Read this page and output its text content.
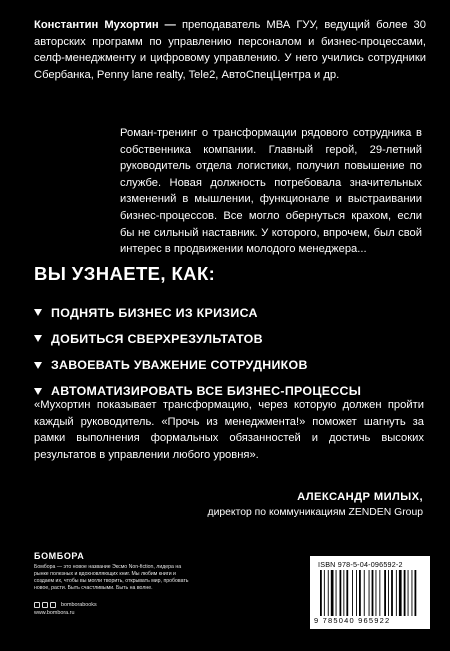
Константин Мухортин — преподаватель МВА ГУУ, ведущий более 30 авторских программ по управлению персоналом и бизнес-процессами, селф-менеджменту и цифровому управлению. У него учились сотрудники Сбербанка, Penny lane realty, Tele2, АвтоСпецЦентра и др.
Роман-тренинг о трансформации рядового сотрудника в собственника компании. Главный герой, 29-летний руководитель отдела логистики, получил повышение по службе. Новая должность потребовала значительных изменений в мышлении, функционале и выстраивании бизнес-процессов. Все могло обернуться крахом, если бы не сильный наставник. У которого, впрочем, был свой интерес в продвижении молодого менеджера...
ВЫ УЗНАЕТЕ, КАК:
ПОДНЯТЬ БИЗНЕС ИЗ КРИЗИСА
ДОБИТЬСЯ СВЕРХРЕЗУЛЬТАТОВ
ЗАВОЕВАТЬ УВАЖЕНИЕ СОТРУДНИКОВ
АВТОМАТИЗИРОВАТЬ ВСЕ БИЗНЕС-ПРОЦЕССЫ
«Мухортин показывает трансформацию, через которую должен пройти каждый руководитель. «Прочь из менеджмента!» поможет шагнуть за рамки выполнения формальных обязанностей и достичь высоких результатов в управлении любого уровня».
АЛЕКСАНДР МИЛЫХ,
директор по коммуникациям ZENDEN Group
БОМБОРА
Бомбора — это новое название Эксмо Non-fiction, лидера на рынке полезных и вдохновляющих книг. Мы любим книги и создаем их, чтобы вы могли творить, открывать мир, пробовать новое, расти. Быть счастливыми. Быть на волне.
bomborabooks
www.bombora.ru
ISBN 978-5-04-096592-2
9 785040 965922
